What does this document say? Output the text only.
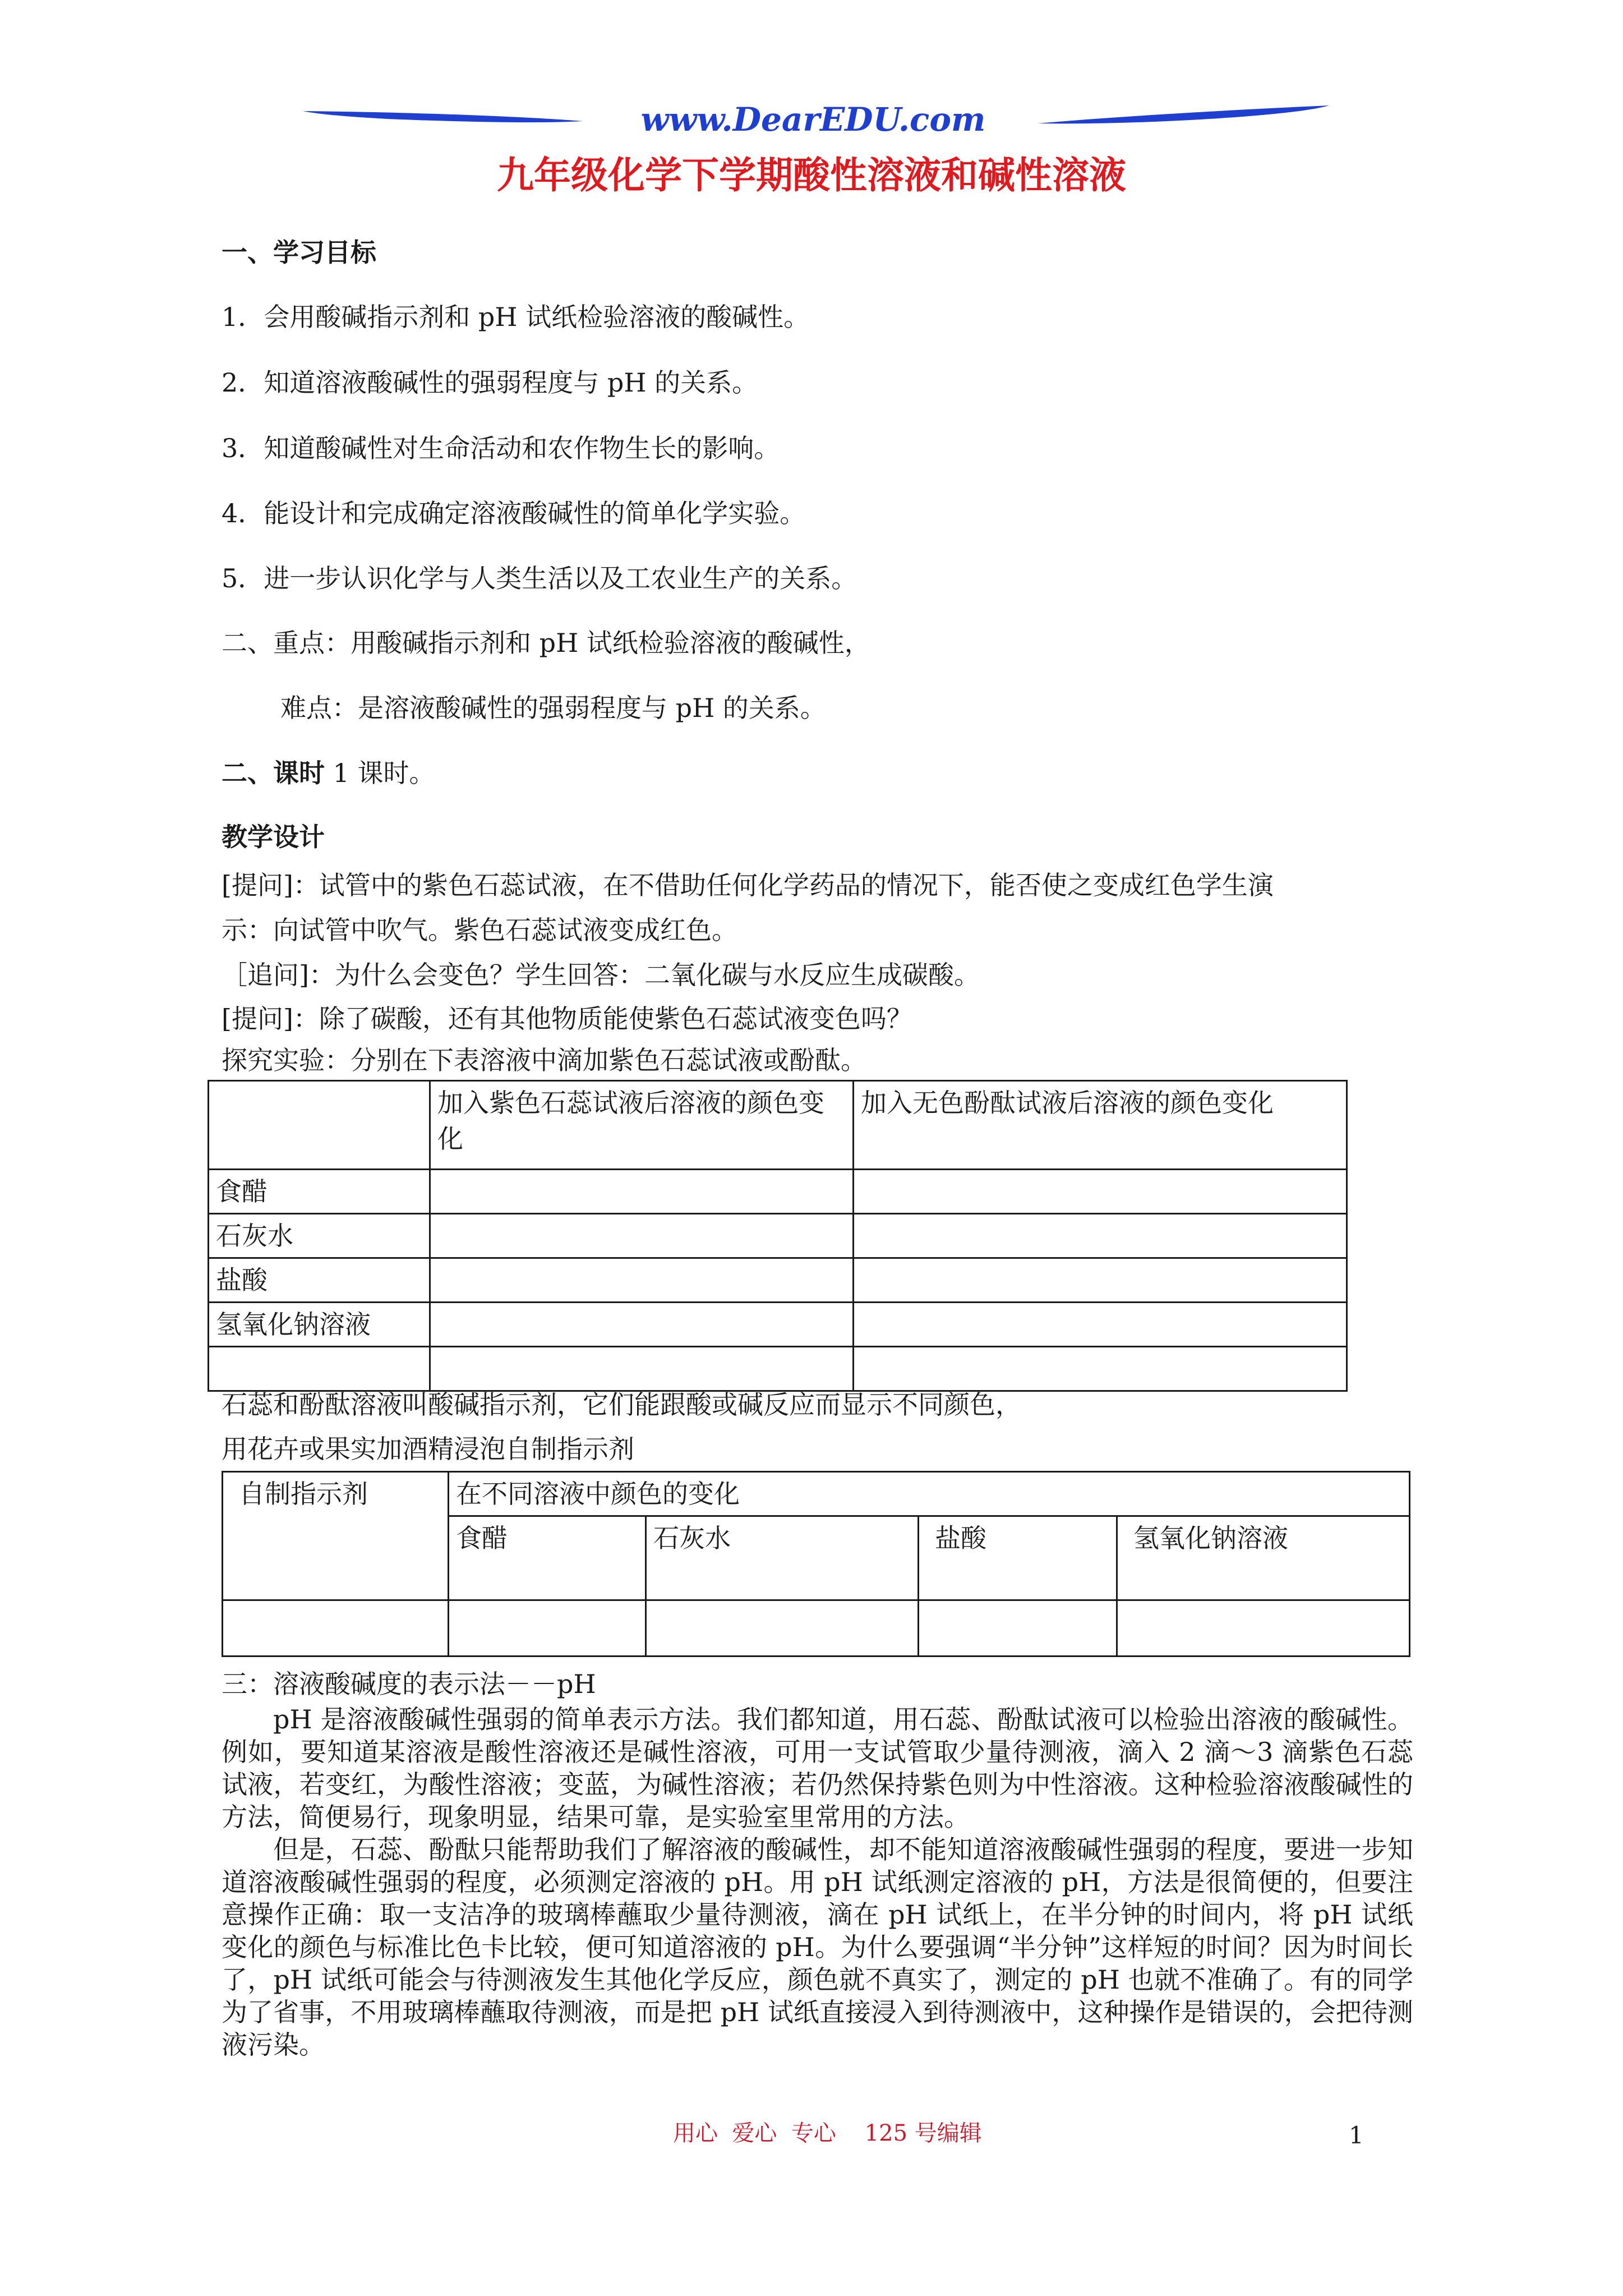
www.DearEDU.com
九年级化学下学期酸性溶液和碱性溶液
一、学习目标
1．会用酸碱指示剂和 pH 试纸检验溶液的酸碱性。
2．知道溶液酸碱性的强弱程度与 pH 的关系。
3．知道酸碱性对生命活动和农作物生长的影响。
4．能设计和完成确定溶液酸碱性的简单化学实验。
5．进一步认识化学与人类生活以及工农业生产的关系。
二、重点：用酸碱指示剂和 pH 试纸检验溶液的酸碱性，
难点：是溶液酸碱性的强弱程度与 pH 的关系。
二、课时 1 课时。
教学设计
[提问]：试管中的紫色石蕊试液，在不借助任何化学药品的情况下，能否使之变成红色学生演
示：向试管中吹气。紫色石蕊试液变成红色。
［追问]：为什么会变色？学生回答：二氧化碳与水反应生成碳酸。
[提问]：除了碳酸，还有其他物质能使紫色石蕊试液变色吗？
探究实验：分别在下表溶液中滴加紫色石蕊试液或酚酞。
	加入紫色石蕊试液后溶液的颜色变化	加入无色酚酞试液后溶液的颜色变化
食醋		
石灰水		
盐酸		
氢氧化钠溶液		

石蕊和酚酞溶液叫酸碱指示剂，它们能跟酸或碱反应而显示不同颜色，
用花卉或果实加酒精浸泡自制指示剂
自制指示剂	在不同溶液中颜色的变化			
	食醋	石灰水	盐酸	氢氧化钠溶液

三：溶液酸碱度的表示法－－pH

pH 是溶液酸碱性强弱的简单表示方法。我们都知道，用石蕊、酚酞试液可以检验出溶液的酸碱性。例如，要知道某溶液是酸性溶液还是碱性溶液，可用一支试管取少量待测液，滴入 2 滴～3 滴紫色石蕊试液，若变红，为酸性溶液；变蓝，为碱性溶液；若仍然保持紫色则为中性溶液。这种检验溶液酸碱性的方法，简便易行，现象明显，结果可靠，是实验室里常用的方法。

但是，石蕊、酚酞只能帮助我们了解溶液的酸碱性，却不能知道溶液酸碱性强弱的程度，要进一步知道溶液酸碱性强弱的程度，必须测定溶液的 pH。用 pH 试纸测定溶液的 pH，方法是很简便的，但要注意操作正确：取一支洁净的玻璃棒蘸取少量待测液，滴在 pH 试纸上，在半分钟的时间内，将 pH 试纸变化的颜色与标准比色卡比较，便可知道溶液的 pH。为什么要强调“半分钟”这样短的时间？因为时间长了，pH 试纸可能会与待测液发生其他化学反应，颜色就不真实了，测定的 pH 也就不准确了。有的同学为了省事，不用玻璃棒蘸取待测液，而是把 pH 试纸直接浸入到待测液中，这种操作是错误的，会把待测液污染。

用心  爱心  专心    125 号编辑	1
